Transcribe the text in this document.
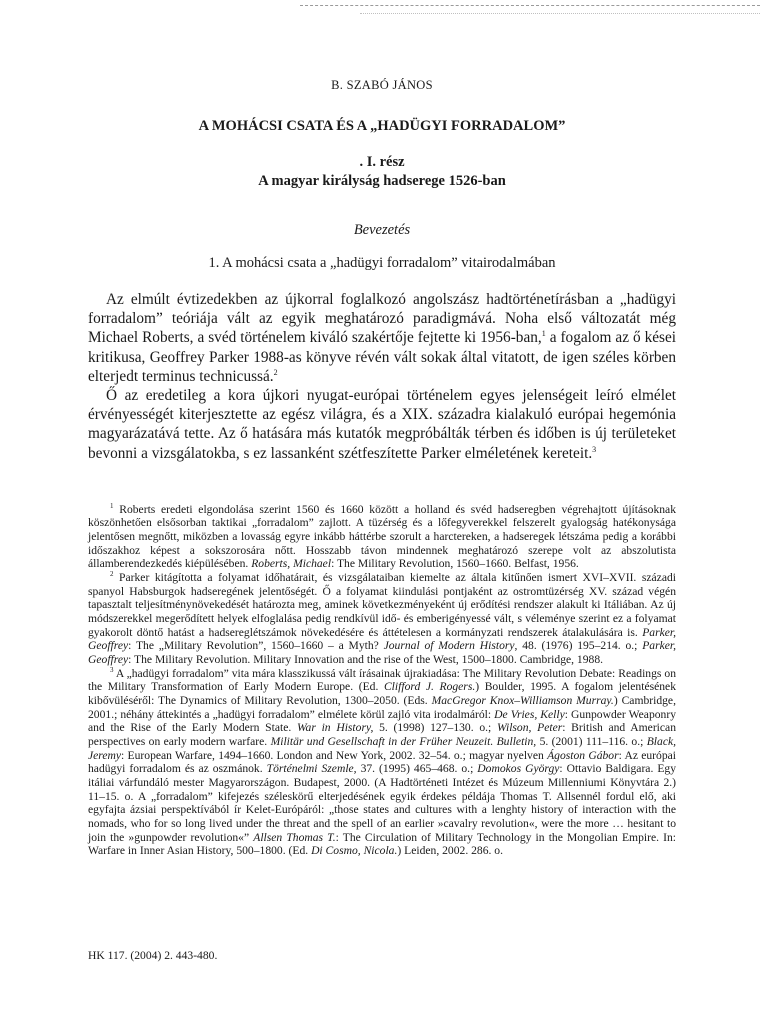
B. SZABÓ JÁNOS
A MOHÁCSI CSATA ÉS A „HADÜGYI FORRADALOM”
. I. rész
A magyar királyság hadserege 1526-ban
Bevezetés
1. A mohácsi csata a „hadügyi forradalom” vitairodalmában

Az elmúlt évtizedekben az újkorral foglalkozó angolszász hadtörténetírásban a „hadügyi forradalom” teóriája vált az egyik meghatározó paradigmává. Noha első változatát még Michael Roberts, a svéd történelem kiváló szakértője fejtette ki 1956-ban,$^1$ a fogalom az ő kései kritikusa, Geoffrey Parker 1988-as könyve révén vált sokak által vitatott, de igen széles körben elterjedt terminus technicussá.$^2$

Ő az eredetileg a kora újkori nyugat-európai történelem egyes jelenségeit leíró elmélet érvényességét kiterjesztette az egész világra, és a XIX. századra kialakuló európai hegemónia magyarázatává tette. Az ő hatására más kutatók megpróbálták térben és időben is új területeket bevonni a vizsgálatokba, s ez lassanként szétfeszítette Parker elméletének kereteit.$^3$

$^1$ Roberts eredeti elgondolása szerint 1560 és 1660 között a holland és svéd hadseregben végrehajtott újításoknak köszönhetően elsősorban taktikai „forradalom” zajlott. A tüzérség és a lőfegyverekkel felszerelt gyalogság hatékonysága jelentősen megnőtt, miközben a lovasság egyre inkább háttérbe szorult a harctereken, a hadseregek létszáma pedig a korábbi időszakhoz képest a sokszorosára nőtt. Hosszabb távon mindennek meghatározó szerepe volt az abszolutista államberendezkedés kiépülésében. Roberts, Michael: The Military Revolution, 1560–1660. Belfast, 1956.

$^2$ Parker kitágította a folyamat időhatárait, és vizsgálataiban kiemelte az általa kitűnően ismert XVI–XVII. századi spanyol Habsburgok hadseregének jelentőségét. Ő a folyamat kiindulási pontjaként az ostromtüzérség XV. század végén tapasztalt teljesítménynövekedését határozta meg, aminek következményeként új erődítési rendszer alakult ki Itáliában. Az új módszerekkel megerődített helyek elfoglalása pedig rendkívül idő- és emberigényessé vált, s véleménye szerint ez a folyamat gyakorolt döntő hatást a hadsereglétszámok növekedésére és áttételesen a kormányzati rendszerek átalakulására is. Parker, Geoffrey: The „Military Revolution”, 1560–1660 – a Myth? Journal of Modern History, 48. (1976) 195–214. o.; Parker, Geoffrey: The Military Revolution. Military Innovation and the rise of the West, 1500–1800. Cambridge, 1988.

$^3$ A „hadügyi forradalom” vita mára klasszikussá vált írásainak újrakiadása: The Military Revolution Debate: Readings on the Military Transformation of Early Modern Europe. (Ed. Clifford J. Rogers.) Boulder, 1995. A fogalom jelentésének kibővüléséről: The Dynamics of Military Revolution, 1300–2050. (Eds. MacGregor Knox–Williamson Murray.) Cambridge, 2001.; néhány áttekintés a „hadügyi forradalom” elmélete körül zajló vita irodalmáról: De Vries, Kelly: Gunpowder Weaponry and the Rise of the Early Modern State. War in History, 5. (1998) 127–130. o.; Wilson, Peter: British and American perspectives on early modern warfare. Militär und Gesellschaft in der Früher Neuzeit. Bulletin, 5. (2001) 111–116. o.; Black, Jeremy: European Warfare, 1494–1660. London and New York, 2002. 32–54. o.; magyar nyelven Ágoston Gábor: Az európai hadügyi forradalom és az oszmánok. Történelmi Szemle, 37. (1995) 465–468. o.; Domokos György: Ottavio Baldigara. Egy itáliai várfundáló mester Magyarországon. Budapest, 2000. (A Hadtörténeti Intézet és Múzeum Millenniumi Könyvtára 2.) 11–15. o. A „forradalom” kifejezés széleskörű elterjedésének egyik érdekes példája Thomas T. Allsennél fordul elő, aki egyfajta ázsiai perspektívából ír Kelet-Európáról: „those states and cultures with a lenghty history of interaction with the nomads, who for so long lived under the threat and the spell of an earlier »cavalry revolution«, were the more … hesitant to join the »gunpowder revolution«” Allsen Thomas T.: The Circulation of Military Technology in the Mongolian Empire. In: Warfare in Inner Asian History, 500–1800. (Ed. Di Cosmo, Nicola.) Leiden, 2002. 286. o.

HK 117. (2004) 2. 443-480.
